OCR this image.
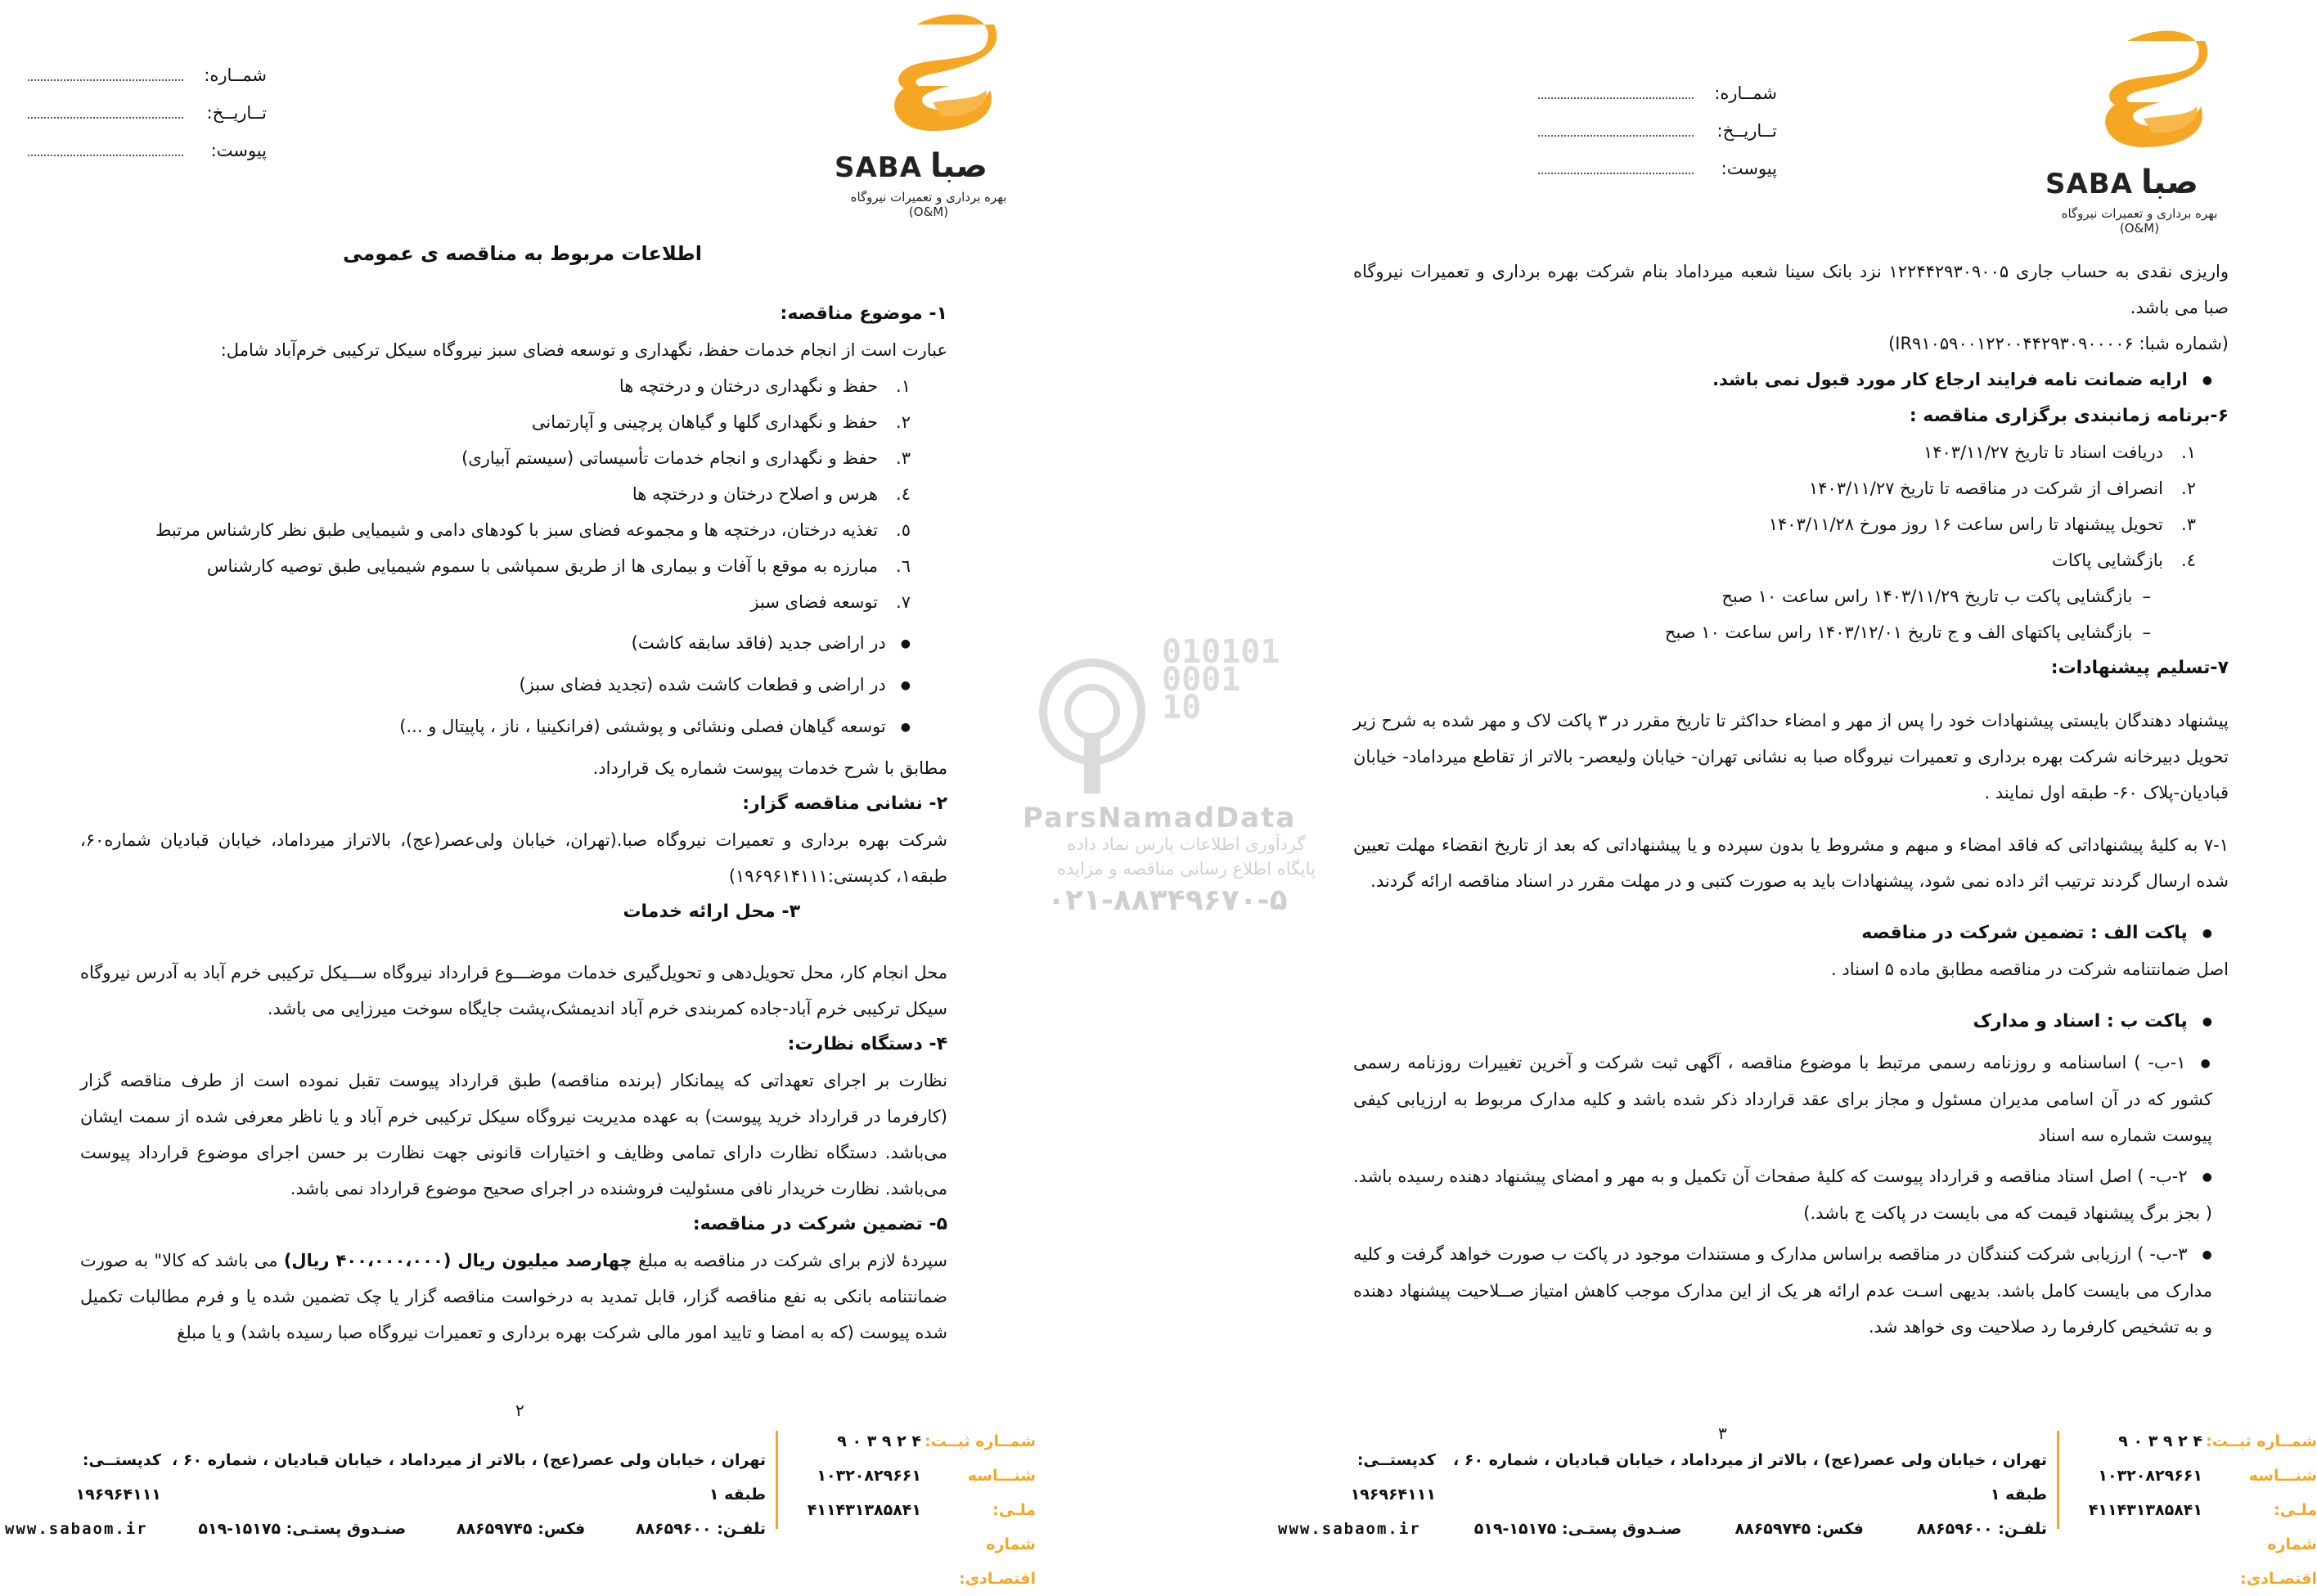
SABA صبا
بهره برداری و تعمیرات نیروگاه (O&M)
شمــاره:
تــاریــخ:
پیوست:

اطلاعات مربوط به مناقصه ی عمومی

۱- موضوع مناقصه:

عبارت است از انجام خدمات حفظ، نگهداری و توسعه فضای سبز نیروگاه سیکل ترکیبی خرم‌آباد شامل:

۱.
حفظ و نگهداری درختان و درختچه ها
۲.
حفظ و نگهداری گلها و گیاهان پرچینی و آپارتمانی
۳.
حفظ و نگهداری و انجام خدمات تأسیساتی (سیستم آبیاری)
٤.
هرس و اصلاح درختان و درختچه ها
٥.
تغذیه درختان، درختچه ها و مجموعه فضای سبز با کودهای دامی و شیمیایی طبق نظر کارشناس مرتبط
٦.
مبارزه به موقع با آفات و بیماری ها از طریق سمپاشی با سموم شیمیایی طبق توصیه کارشناس
٧.
توسعه فضای سبز

● در اراضی جدید (فاقد سابقه کاشت)

● در اراضی و قطعات کاشت شده (تجدید فضای سبز)

● توسعه گیاهان فصلی ونشائی و پوششی (فرانکینیا ، ناز ، پاپیتال و ...)

مطابق با شرح خدمات پیوست شماره یک قرارداد.

۲- نشانی مناقصه گزار:

شرکت بهره برداری و تعمیرات نیروگاه صبا.(تهران، خیابان ولی‌عصر(عج)، بالاتراز میرداماد، خیابان قبادیان شماره۶۰، طبقه۱، کدپستی:۱۹۶۹۶۱۴۱۱۱)

۳- محل ارائه خدمات

محل انجام کار، محل تحویل‌دهی و تحویل‌گیری خدمات موضـــوع قرارداد نیروگاه ســـیکل ترکیبی خرم آباد به آدرس نیروگاه سیکل ترکیبی خرم آباد-جاده کمربندی خرم آباد اندیمشک،پشت جایگاه سوخت میرزایی می باشد.

۴- دستگاه نظارت:

نظارت بر اجرای تعهداتی که پیمانکار (برنده مناقصه) طبق قرارداد پیوست تقبل نموده است از طرف مناقصه گزار (کارفرما در قرارداد خرید پیوست) به عهده مدیریت نیروگاه سیکل ترکیبی خرم آباد و یا ناظر معرفی شده از سمت ایشان می‌باشد. دستگاه نظارت دارای تمامی وظایف و اختیارات قانونی جهت نظارت بر حسن اجرای موضوع قرارداد پیوست می‌باشد. نظارت خریدار نافی مسئولیت فروشنده در اجرای صحیح موضوع قرارداد نمی باشد.

۵- تضمین شرکت در مناقصه:

سپردۀ لازم برای شرکت در مناقصه به مبلغ چهارصد میلیون ریال (۴۰۰،۰۰۰،۰۰۰ ریال) می باشد که کالا" به صورت ضمانتنامه بانکی به نفع مناقصه گزار، قابل تمدید به درخواست مناقصه گزار یا چک تضمین شده یا و فرم مطالبات تکمیل شده پیوست (که به امضا و تایید امور مالی شرکت بهره برداری و تعمیرات نیروگاه صبا رسیده باشد) و یا مبلغ

۲
شمــاره ثبــت:
شنـــاسه ملـی:
شماره اقتصـادی:
۴ ۲ ۹ ۳ ۰ ۹
۱۰۳۲۰۸۲۹۶۶۱
۴۱۱۴۳۱۳۸۵۸۴۱
تهران ، خیابان ولی عصر(عج) ، بالاتر از میرداماد ، خیابان قبادیان ، شماره ۶۰ ، طبقه ۱
کدپستــی: ۱۹۶۹۶۴۱۱۱
تلفـن: ۸۸۶۵۹۶۰۰
فکس: ۸۸۶۵۹۷۴۵
صنـدوق پستـی: ۱۵۱۷۵-۵۱۹
www.sabaom.ir
SABA صبا
بهره برداری و تعمیرات نیروگاه (O&M)
شمــاره:
تــاریــخ:
پیوست:

واریزی نقدی به حساب جاری ۱۲۲۴۴۲۹۳۰۹۰۰۵ نزد بانک سینا شعبه میرداماد بنام شرکت بهره برداری و تعمیرات نیروگاه صبا می باشد.

(شماره شبا: IR۹۱۰۵۹۰۰۱۲۲۰۰۴۴۲۹۳۰۹۰۰۰۰۶)

● ارایه ضمانت نامه فرایند ارجاع کار مورد قبول نمی باشد.

۶-برنامه زمانبندی برگزاری مناقصه :

۱.
دریافت اسناد تا تاریخ ۱۴۰۳/۱۱/۲۷
۲.
انصراف از شرکت در مناقصه تا تاریخ ۱۴۰۳/۱۱/۲۷
۳.
تحویل پیشنهاد تا راس ساعت ۱۶ روز مورخ ۱۴۰۳/۱۱/۲۸
٤.
بازگشایی پاکات

– بازگشایی پاکت ب تاریخ ۱۴۰۳/۱۱/۲۹ راس ساعت ۱۰ صبح

– بازگشایی پاکتهای الف و ج تاریخ ۱۴۰۳/۱۲/۰۱ راس ساعت ۱۰ صبح

۷-تسلیم پیشنهادات:

پیشنهاد دهندگان بایستی پیشنهادات خود را پس از مهر و امضاء حداکثر تا تاریخ مقرر در ۳ پاکت لاک و مهر شده به شرح زیر تحویل دبیرخانه شرکت بهره برداری و تعمیرات نیروگاه صبا به نشانی تهران- خیابان ولیعصر- بالاتر از تقاطع میرداماد- خیابان قبادیان-پلاک ۶۰- طبقه اول نمایند .

۷-۱ به کلیۀ پیشنهاداتی که فاقد امضاء و مبهم و مشروط یا بدون سپرده و یا پیشنهاداتی که بعد از تاریخ انقضاء مهلت تعیین شده ارسال گردند ترتیب اثر داده نمی شود، پیشنهادات باید به صورت کتبی و در مهلت مقرر در اسناد مناقصه ارائه گردند.

● پاکت الف : تضمین شرکت در مناقصه

اصل ضمانتنامه شرکت در مناقصه مطابق ماده ۵ اسناد .

● پاکت ب : اسناد و مدارک

● ۱-ب- ) اساسنامه و روزنامه رسمی مرتبط با موضوع مناقصه ، آگهی ثبت شرکت و آخرین تغییرات روزنامه رسمی کشور که در آن اسامی مدیران مسئول و مجاز برای عقد قرارداد ذکر شده باشد و کلیه مدارک مربوط به ارزیابی کیفی پیوست شماره سه اسناد

● ۲-ب- ) اصل اسناد مناقصه و قرارداد پیوست که کلیۀ صفحات آن تکمیل و به مهر و امضای پیشنهاد دهنده رسیده باشد. ( بجز برگ پیشنهاد قیمت که می بایست در پاکت ج باشد.)

● ۳-ب- ) ارزیابی شرکت کنندگان در مناقصه براساس مدارک و مستندات موجود در پاکت ب صورت خواهد گرفت و کلیه مدارک می بایست کامل باشد. بدیهی اسـت عدم ارائه هر یک از این مدارک موجب کاهش امتیاز صــلاحیت پیشنهاد دهنده و به تشخیص کارفرما رد صلاحیت وی خواهد شد.

۳	شمــاره ثبــت:
شنـــاسه ملـی:
شماره اقتصـادی:
۴ ۲ ۹ ۳ ۰ ۹
۱۰۳۲۰۸۲۹۶۶۱
۴۱۱۴۳۱۳۸۵۸۴۱
تهران ، خیابان ولی عصر(عج) ، بالاتر از میرداماد ، خیابان قبادیان ، شماره ۶۰ ، طبقه ۱
کدپستــی: ۱۹۶۹۶۴۱۱۱
تلفـن: ۸۸۶۵۹۶۰۰
فکس: ۸۸۶۵۹۷۴۵
صنـدوق پستـی: ۱۵۱۷۵-۵۱۹
www.sabaom.ir
010101
0001
10
ParsNamadData
گردآوری اطلاعات پارس نماد داده
پایگاه اطلاع رسانی مناقصه و مزایده
۰۲۱-۸۸۳۴۹۶۷۰-۵
